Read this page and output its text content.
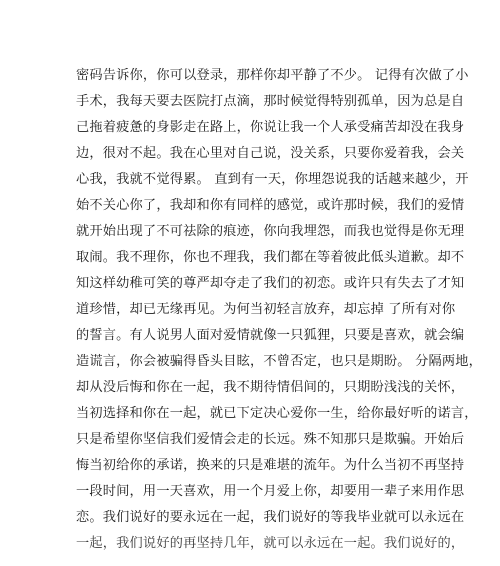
密码告诉你，你可以登录，那样你却平静了不少。 记得有次做了小
手术，我每天要去医院打点滴，那时候觉得特别孤单，因为总是自
己拖着疲惫的身影走在路上，你说让我一个人承受痛苦却没在我身
边，很对不起。我在心里对自己说，没关系，只要你爱着我，会关
心我，我就不觉得累。 直到有一天，你埋怨说我的话越来越少，开
始不关心你了，我却和你有同样的感觉，或许那时候，我们的爱情
就开始出现了不可祛除的痕迹，你向我埋怨，而我也觉得是你无理
取闹。我不理你，你也不理我，我们都在等着彼此低头道歉。却不
知这样幼稚可笑的尊严却夺走了我们的初恋。或许只有失去了才知
道珍惜，却已无缘再见。为何当初轻言放弃，却忘掉 了所有对你
的誓言。有人说男人面对爱情就像一只狐狸，只要是喜欢，就会编
造谎言，你会被骗得昏头目眩，不曾否定，也只是期盼。 分隔两地，
却从没后悔和你在一起，我不期待情侣间的，只期盼浅浅的关怀，
当初选择和你在一起，就已下定决心爱你一生，给你最好听的诺言，
只是希望你坚信我们爱情会走的长远。殊不知那只是欺骗。开始后
悔当初给你的承诺，换来的只是难堪的流年。为什么当初不再坚持
一段时间，用一天喜欢，用一个月爱上你，却要用一辈子来用作思
恋。我们说好的要永远在一起，我们说好的等我毕业就可以永远在
一起，我们说好的再坚持几年，就可以永远在一起。我们说好的，
